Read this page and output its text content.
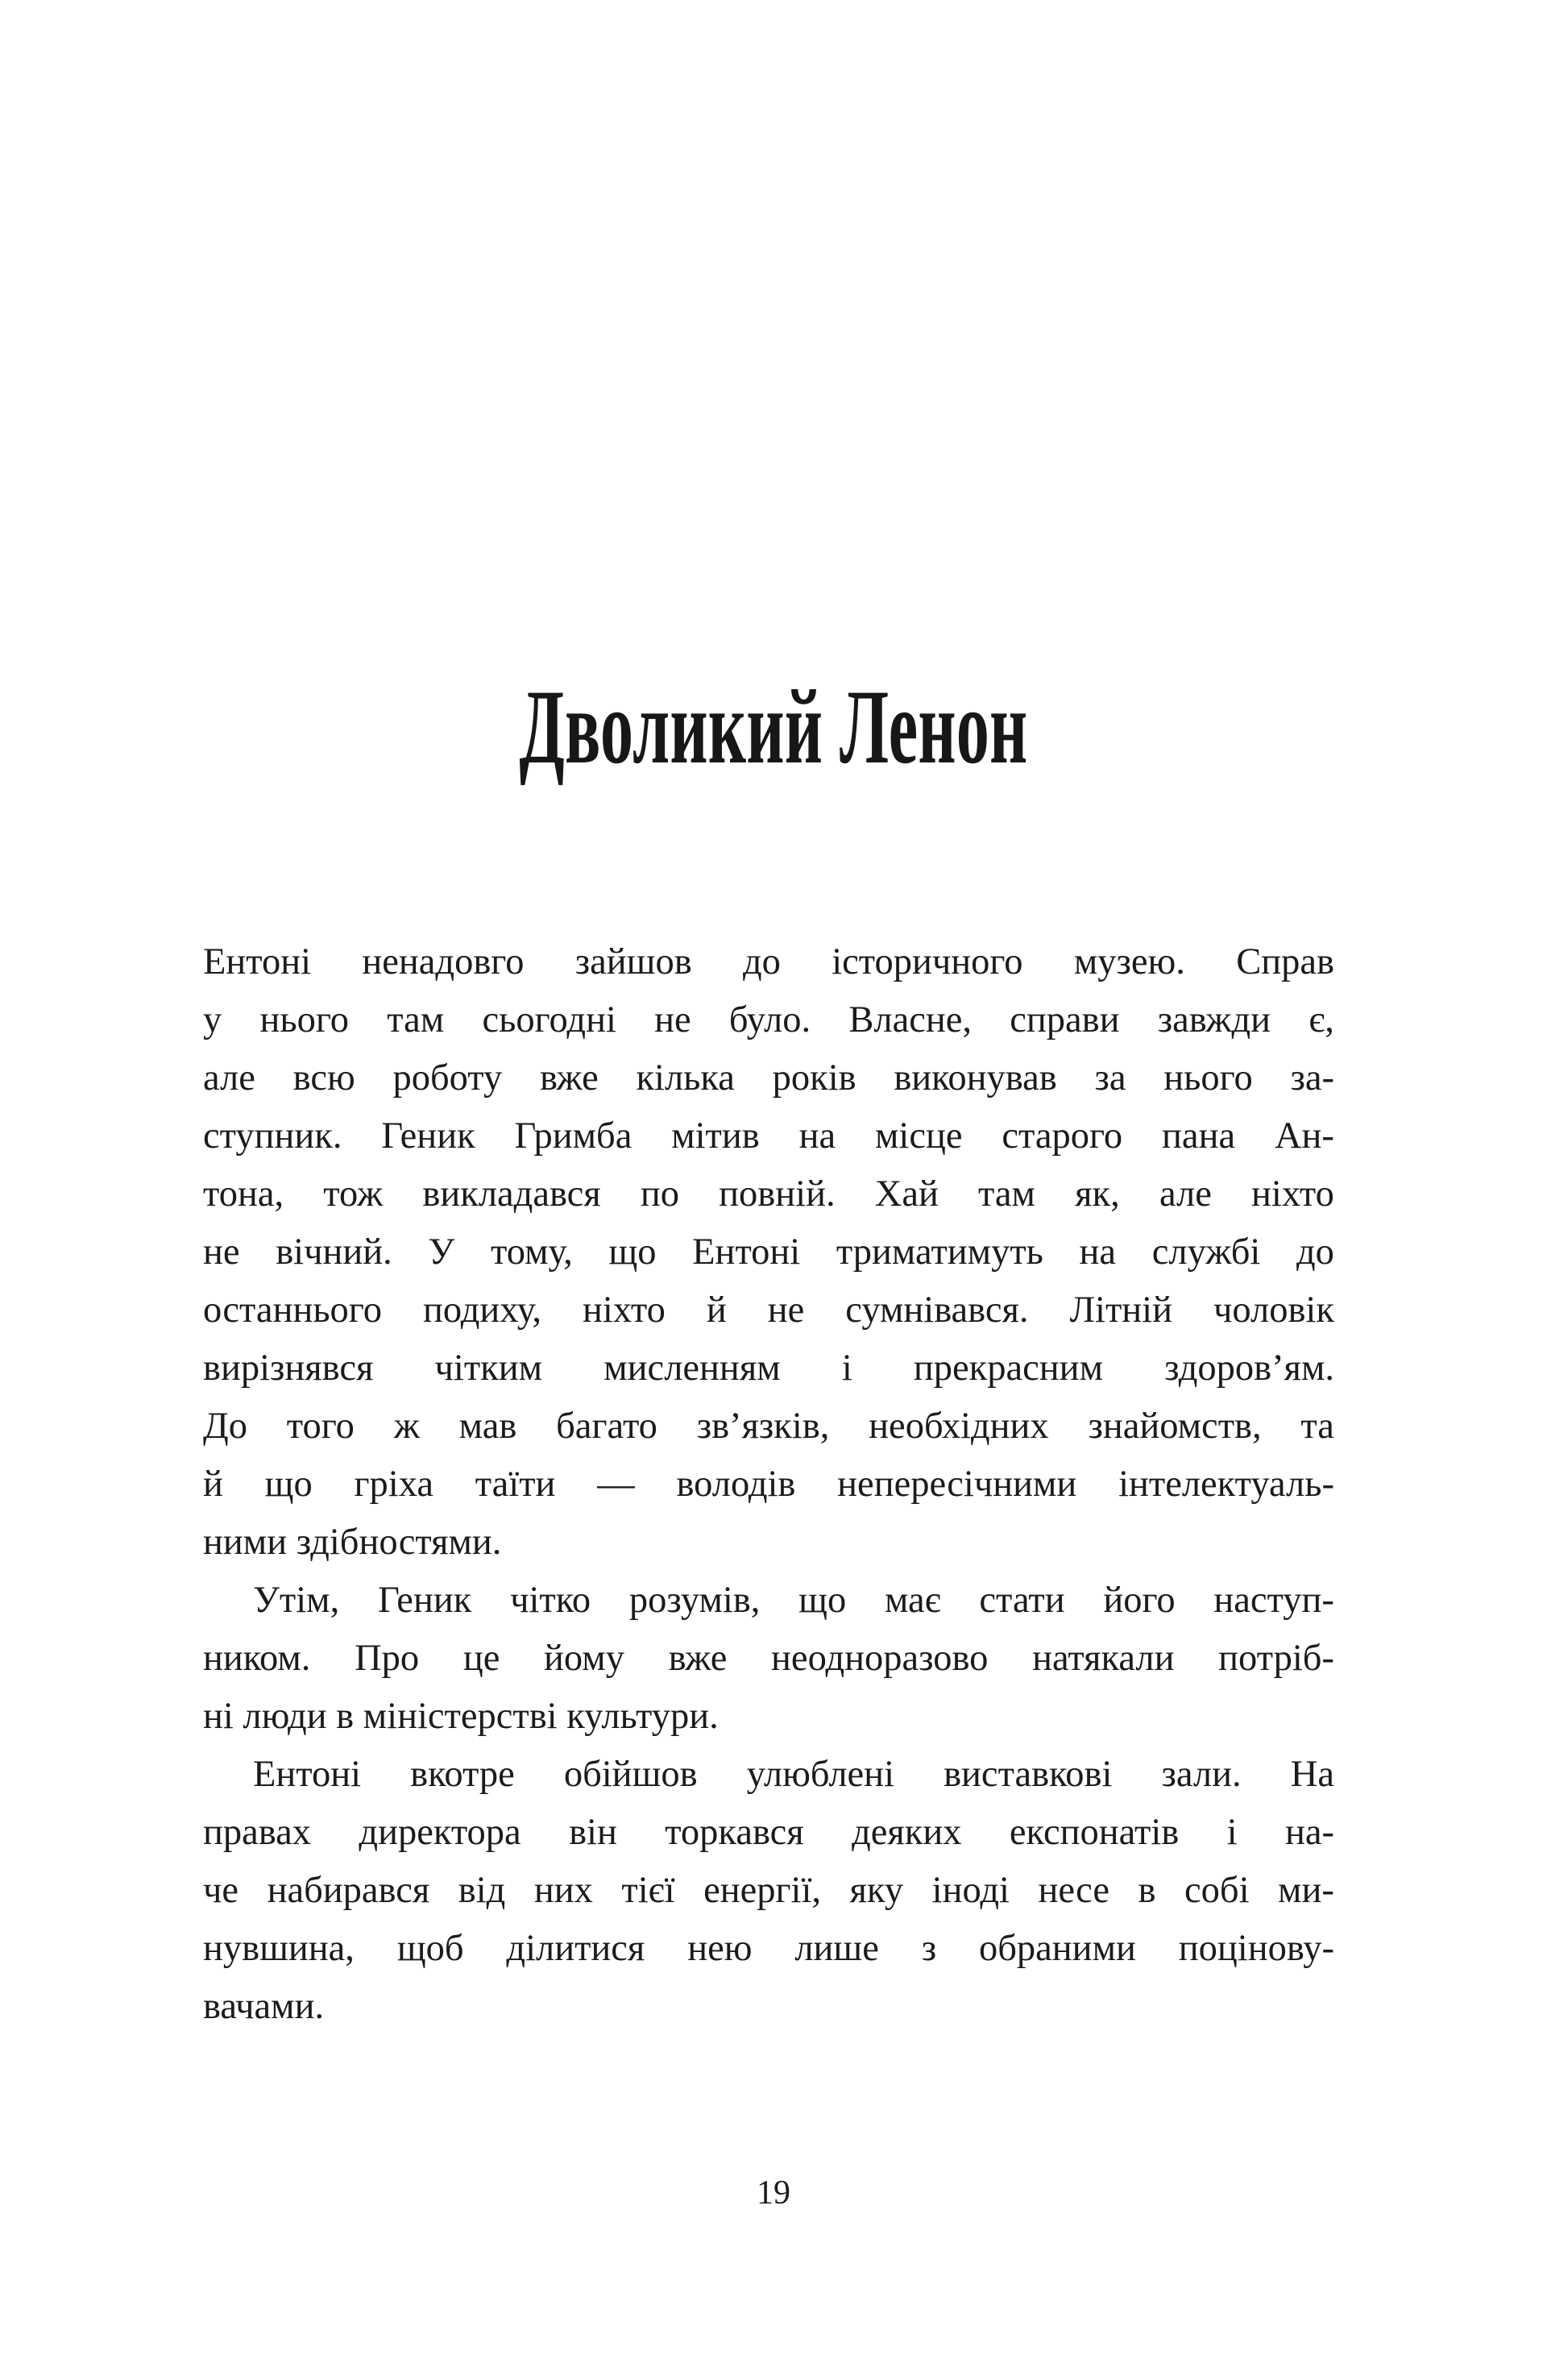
Дволикий Ленон

Ентоні ненадовго зайшов до історичного музею. Справ
у нього там сьогодні не було. Власне, справи завжди є,
але всю роботу вже кілька років виконував за нього за-
ступник. Геник Гримба мітив на місце старого пана Ан-
тона, тож викладався по повній. Хай там як, але ніхто
не вічний. У тому, що Ентоні триматимуть на службі до
останнього подиху, ніхто й не сумнівався. Літній чоловік
вирізнявся чітким мисленням і прекрасним здоров’ям.
До того ж мав багато зв’язків, необхідних знайомств, та
й що гріха таїти — володів непересічними інтелектуаль-
ними здібностями.

Утім, Геник чітко розумів, що має стати його наступ-
ником. Про це йому вже неодноразово натякали потріб-
ні люди в міністерстві культури.

Ентоні вкотре обійшов улюблені виставкові зали. На
правах директора він торкався деяких експонатів і на-
че набирався від них тієї енергії, яку іноді несе в собі ми-
нувшина, щоб ділитися нею лише з обраними поцінову-
вачами.

19
